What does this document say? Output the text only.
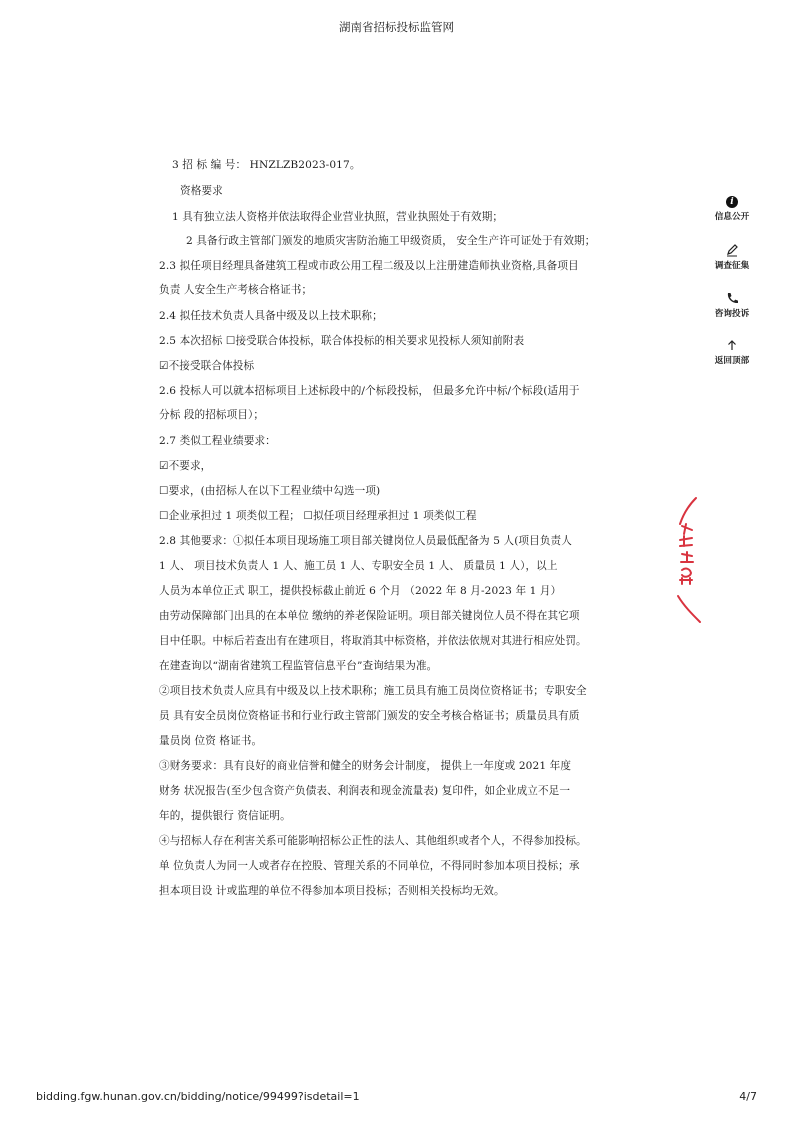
湖南省招标投标监管网
3 招 标 编 号： HNZLZB2023-017。
资格要求
1 具有独立法人资格并依法取得企业营业执照，营业执照处于有效期；
2 具备行政主管部门颁发的地质灾害防治施工甲级资质， 安全生产许可证处于有效期；
2.3 拟任项目经理具备建筑工程或市政公用工程二级及以上注册建造师执业资格,具备项目
负责 人安全生产考核合格证书；
2.4 拟任技术负责人具备中级及以上技术职称；
2.5 本次招标 ☐接受联合体投标，联合体投标的相关要求见投标人须知前附表
☑不接受联合体投标
2.6 投标人可以就本招标项目上述标段中的/个标段投标， 但最多允许中标/个标段(适用于
分标 段的招标项目）；
2.7 类似工程业绩要求：
☑不要求，
☐要求，(由招标人在以下工程业绩中勾选一项)
☐企业承担过 1 项类似工程； ☐拟任项目经理承担过 1 项类似工程
2.8 其他要求：①拟任本项目现场施工项目部关键岗位人员最低配备为 5 人(项目负责人
1 人、 项目技术负责人 1 人、施工员 1 人、专职安全员 1 人、 质量员 1 人），以上
人员为本单位正式 职工，提供投标截止前近 6 个月 （2022 年 8 月-2023 年 1 月）
由劳动保障部门出具的在本单位 缴纳的养老保险证明。项目部关键岗位人员不得在其它项
目中任职。中标后若查出有在建项目，将取消其中标资格，并依法依规对其进行相应处罚。
在建查询以“湖南省建筑工程监管信息平台”查询结果为准。
②项目技术负责人应具有中级及以上技术职称；施工员具有施工员岗位资格证书；专职安全
员 具有安全员岗位资格证书和行业行政主管部门颁发的安全考核合格证书；质量员具有质
量员岗 位资 格证书。
③财务要求：具有良好的商业信誉和健全的财务会计制度， 提供上一年度或 2021 年度
财务 状况报告(至少包含资产负债表、利润表和现金流量表) 复印件，如企业成立不足一
年的，提供银行 资信证明。
④与招标人存在利害关系可能影响招标公正性的法人、其他组织或者个人，不得参加投标。
单 位负责人为同一人或者存在控股、管理关系的不同单位，不得同时参加本项目投标；承
担本项目设 计或监理的单位不得参加本项目投标；否则相关投标均无效。
i
信息公开
调查征集
咨询投诉
返回顶部
bidding.fgw.hunan.gov.cn/bidding/notice/99499?isdetail=1	4/7
